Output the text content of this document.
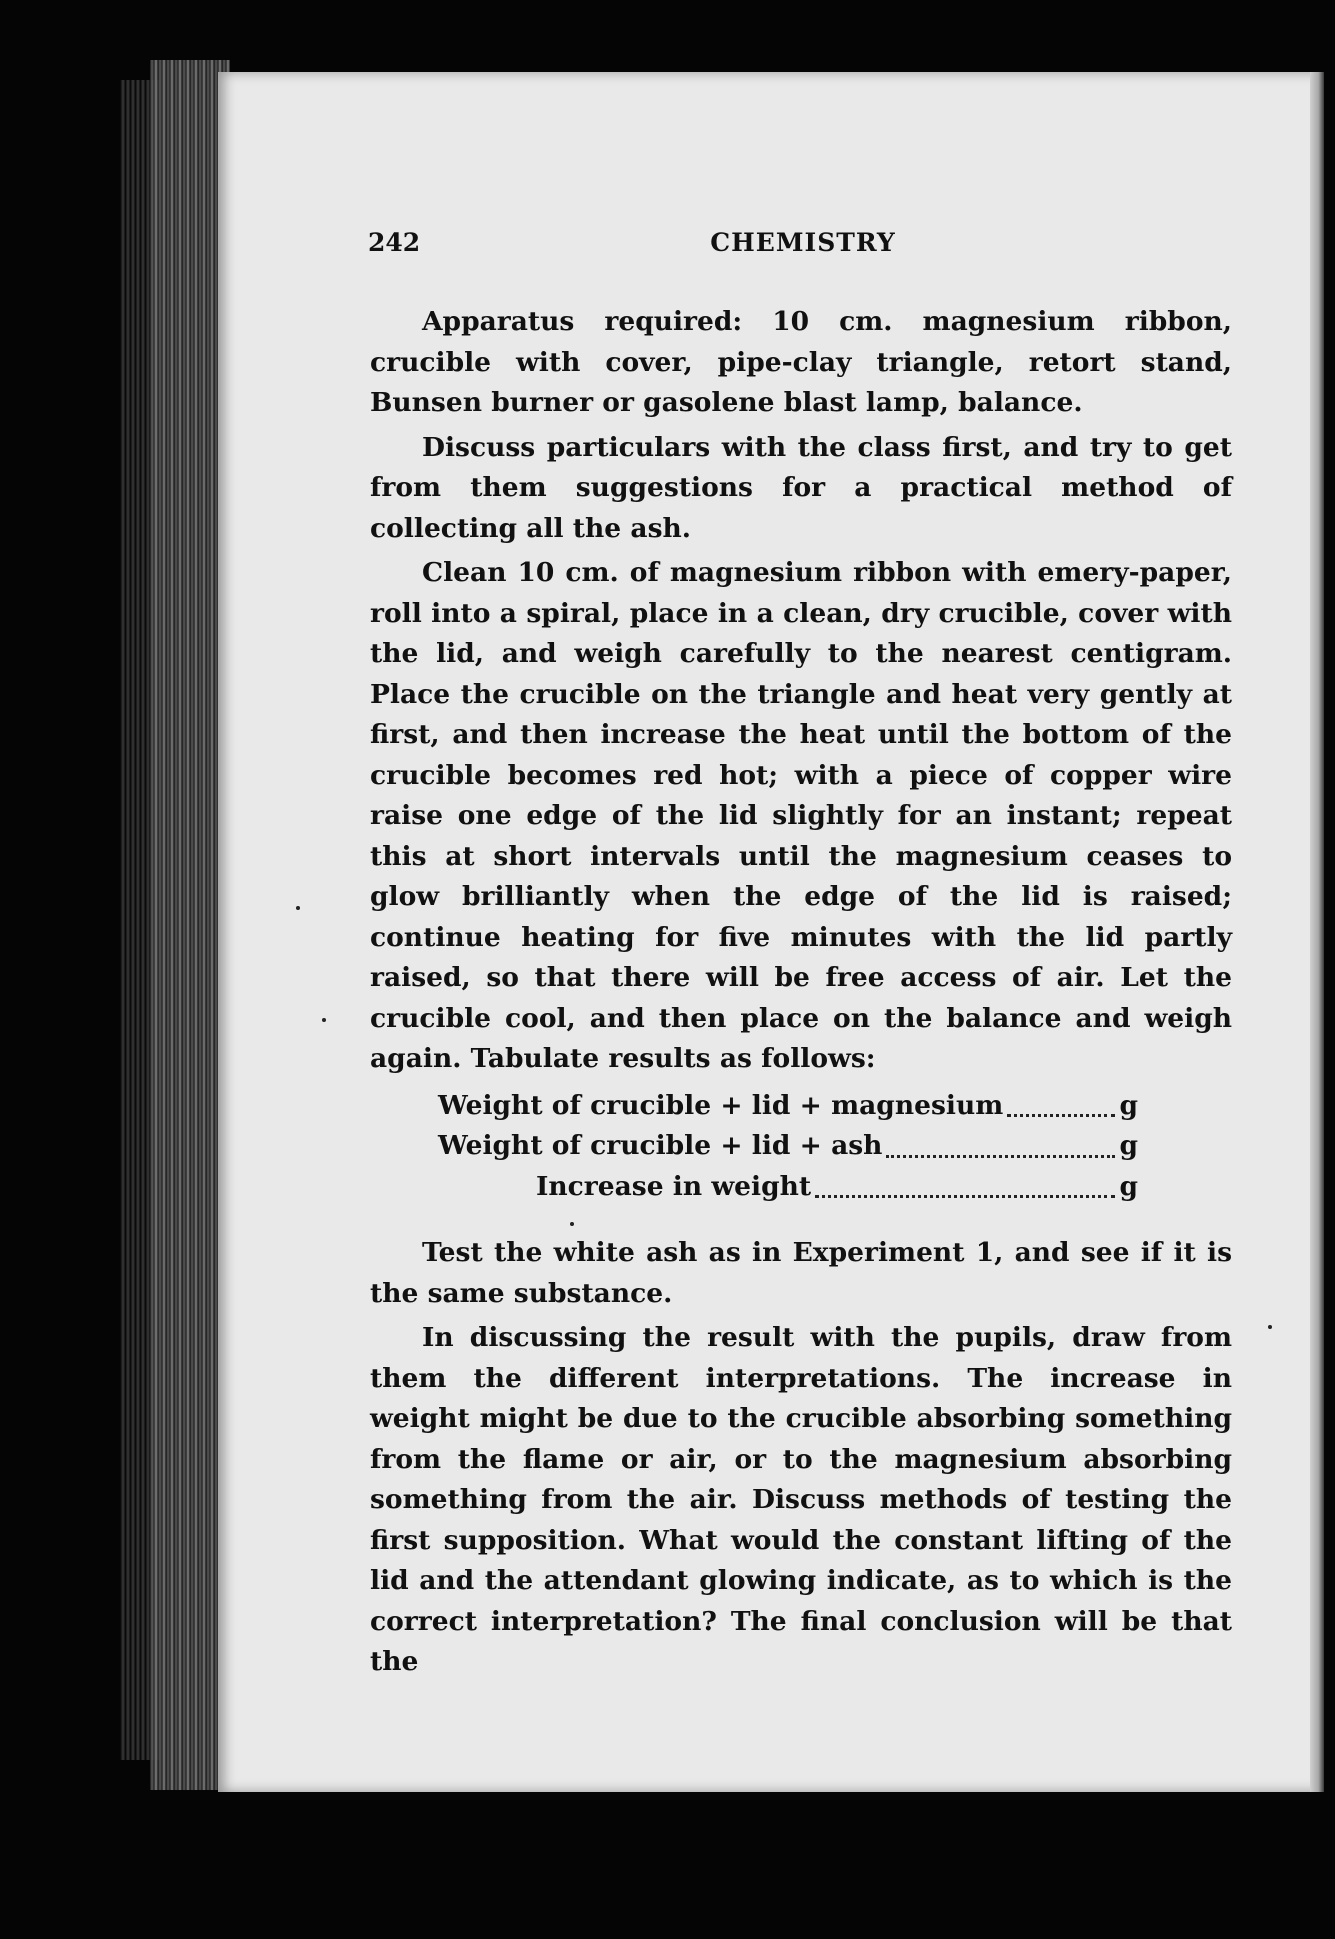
242	CHEMISTRY

Apparatus required: 10 cm. magnesium ribbon, crucible with cover, pipe-clay triangle, retort stand, Bunsen burner or gasolene blast lamp, balance.

Discuss particulars with the class first, and try to get from them suggestions for a practical method of collecting all the ash.

Clean 10 cm. of magnesium ribbon with emery-paper, roll into a spiral, place in a clean, dry crucible, cover with the lid, and weigh carefully to the nearest centigram. Place the crucible on the triangle and heat very gently at first, and then increase the heat until the bottom of the crucible becomes red hot; with a piece of copper wire raise one edge of the lid slightly for an instant; repeat this at short intervals until the magnesium ceases to glow brilliantly when the edge of the lid is raised; continue heating for five minutes with the lid partly raised, so that there will be free access of air. Let the crucible cool, and then place on the balance and weigh again. Tabulate results as follows:

Weight of crucible + lid + magnesium	g
Weight of crucible + lid + ash	g
Increase in weight	g

Test the white ash as in Experiment 1, and see if it is the same substance.

In discussing the result with the pupils, draw from them the different interpretations. The increase in weight might be due to the crucible absorbing something from the flame or air, or to the magnesium absorbing something from the air. Discuss methods of testing the first supposition. What would the constant lifting of the lid and the attendant glowing indicate, as to which is the correct interpretation? The final conclusion will be that the
